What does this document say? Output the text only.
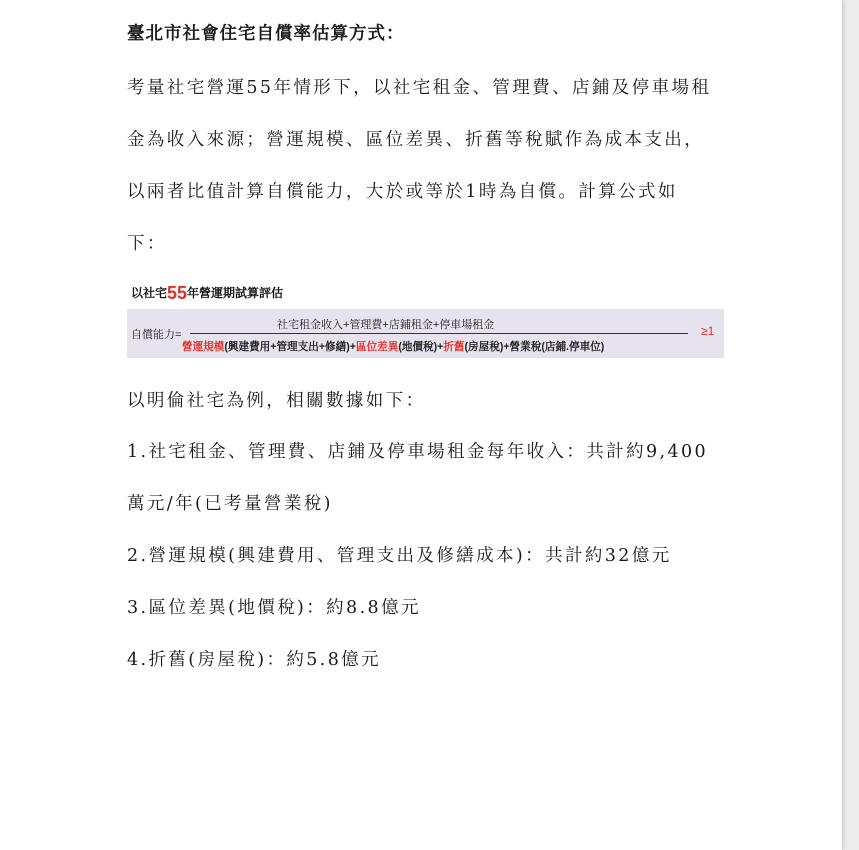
臺北市社會住宅自償率估算方式：
考量社宅營運55年情形下，以社宅租金、管理費、店鋪及停車場租
金為收入來源；營運規模、區位差異、折舊等稅賦作為成本支出，
以兩者比值計算自償能力，大於或等於1時為自償。計算公式如
下：
以社宅55年營運期試算評估
自償能力=
社宅租金收入+管理費+店鋪租金+停車場租金
營運規模(興建費用+管理支出+修繕)+區位差異(地價稅)+折舊(房屋稅)+營業稅(店鋪.停車位)
≥1
以明倫社宅為例，相關數據如下：
1.社宅租金、管理費、店鋪及停車場租金每年收入：共計約9,400
萬元/年(已考量營業稅)
2.營運規模(興建費用、管理支出及修繕成本)：共計約32億元
3.區位差異(地價稅)：約8.8億元
4.折舊(房屋稅)：約5.8億元
